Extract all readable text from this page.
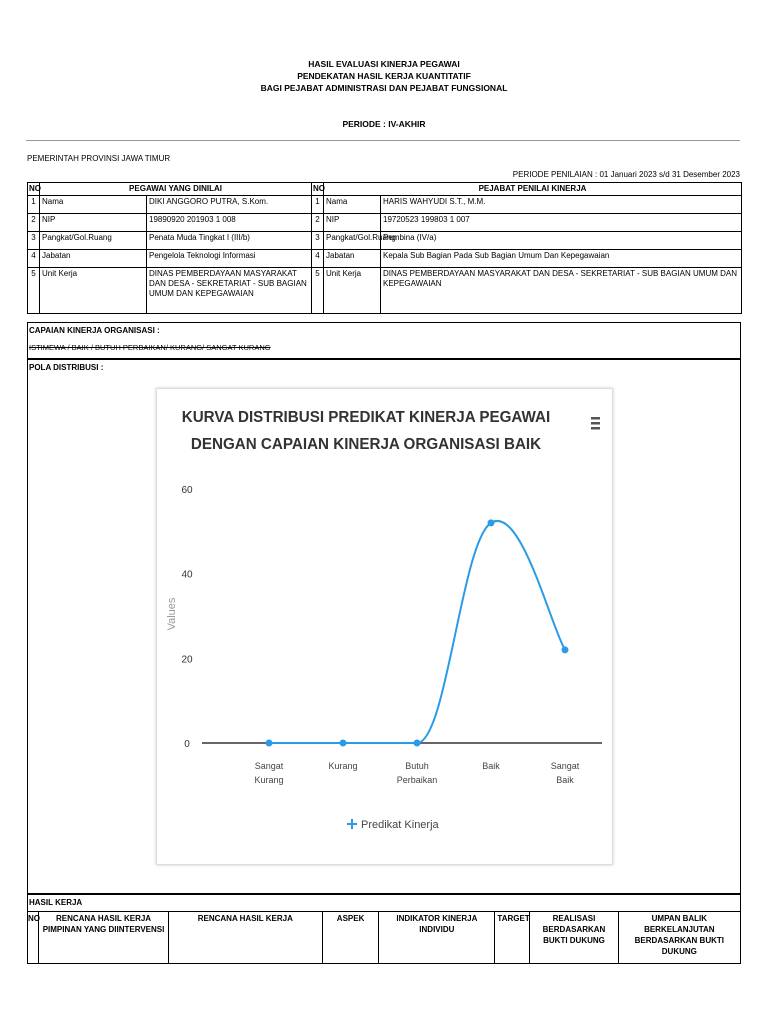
HASIL EVALUASI KINERJA PEGAWAI
PENDEKATAN HASIL KERJA KUANTITATIF
BAGI PEJABAT ADMINISTRASI DAN PEJABAT FUNGSIONAL
PERIODE : IV-AKHIR
PEMERINTAH PROVINSI JAWA TIMUR
PERIODE PENILAIAN : 01 Januari 2023 s/d 31 Desember 2023
NO	PEGAWAI YANG DINILAI		NO	PEJABAT PENILAI KINERJA	
1	Nama	DIKI ANGGORO PUTRA, S.Kom.	1	Nama	HARIS WAHYUDI S.T., M.M.
2	NIP	19890920 201903 1 008	2	NIP	19720523 199803 1 007
3	Pangkat/Gol.Ruang	Penata Muda Tingkat I (III/b)	3	Pangkat/Gol.Ruang	Pembina (IV/a)
4	Jabatan	Pengelola Teknologi Informasi	4	Jabatan	Kepala Sub Bagian Pada Sub Bagian Umum Dan Kepegawaian
5	Unit Kerja	DINAS PEMBERDAYAAN MASYARAKAT DAN DESA - SEKRETARIAT - SUB BAGIAN UMUM DAN KEPEGAWAIAN	5	Unit Kerja	DINAS PEMBERDAYAAN MASYARAKAT DAN DESA - SEKRETARIAT - SUB BAGIAN UMUM DAN KEPEGAWAIAN
CAPAIAN KINERJA ORGANISASI :
ISTIMEWA / BAIK / BUTUH PERBAIKAN/ KURANG/ SANGAT KURANG
POLA DISTRIBUSI :
KURVA DISTRIBUSI PREDIKAT KINERJA PEGAWAI
DENGAN CAPAIAN KINERJA ORGANISASI BAIK
Values
0
20
40
60
Sangat
Kurang
Kurang	Butuh
Perbaikan
Baik	Sangat
Baik
Predikat Kinerja
HASIL KERJA
NO	RENCANA HASIL KERJA PIMPINAN YANG DIINTERVENSI	RENCANA HASIL KERJA	ASPEK	INDIKATOR KINERJA INDIVIDU	TARGET	REALISASI BERDASARKAN BUKTI DUKUNG	UMPAN BALIK BERKELANJUTAN BERDASARKAN BUKTI DUKUNG
